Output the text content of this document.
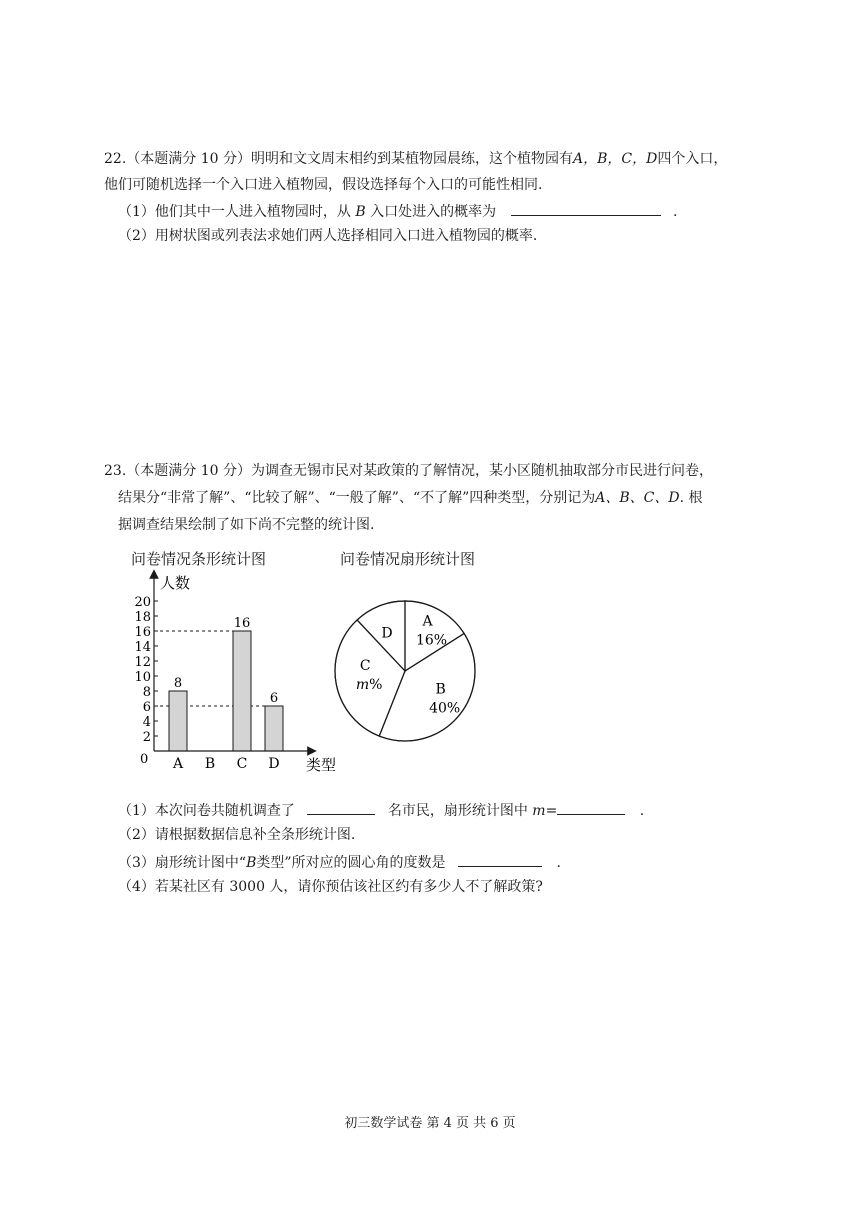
22.（本题满分 10 分）明明和文文周末相约到某植物园晨练，这个植物园有A，B，C，D四个入口，
他们可随机选择一个入口进入植物园，假设选择每个入口的可能性相同.
（1）他们其中一人进入植物园时，从 B 入口处进入的概率为	.
（2）用树状图或列表法求她们两人选择相同入口进入植物园的概率.
23.（本题满分 10 分）为调查无锡市民对某政策的了解情况，某小区随机抽取部分市民进行问卷，
结果分“非常了解”、“比较了解”、“一般了解”、“不了解”四种类型，分别记为A、B、C、D. 根
据调查结果绘制了如下尚不完整的统计图.
问卷情况条形统计图	问卷情况扇形统计图
2
4
6
8
10
12
14
16
18
20
8
A B
16
C
6
D
人数
类型
0
A
16%
B
40%
C
m%
D
（1）本次问卷共随机调查了	名市民，扇形统计图中 m=	.
（2）请根据数据信息补全条形统计图.
（3）扇形统计图中“B类型”所对应的圆心角的度数是	.
（4）若某社区有 3000 人，请你预估该社区约有多少人不了解政策?
初三数学试卷 第 4 页 共 6 页
